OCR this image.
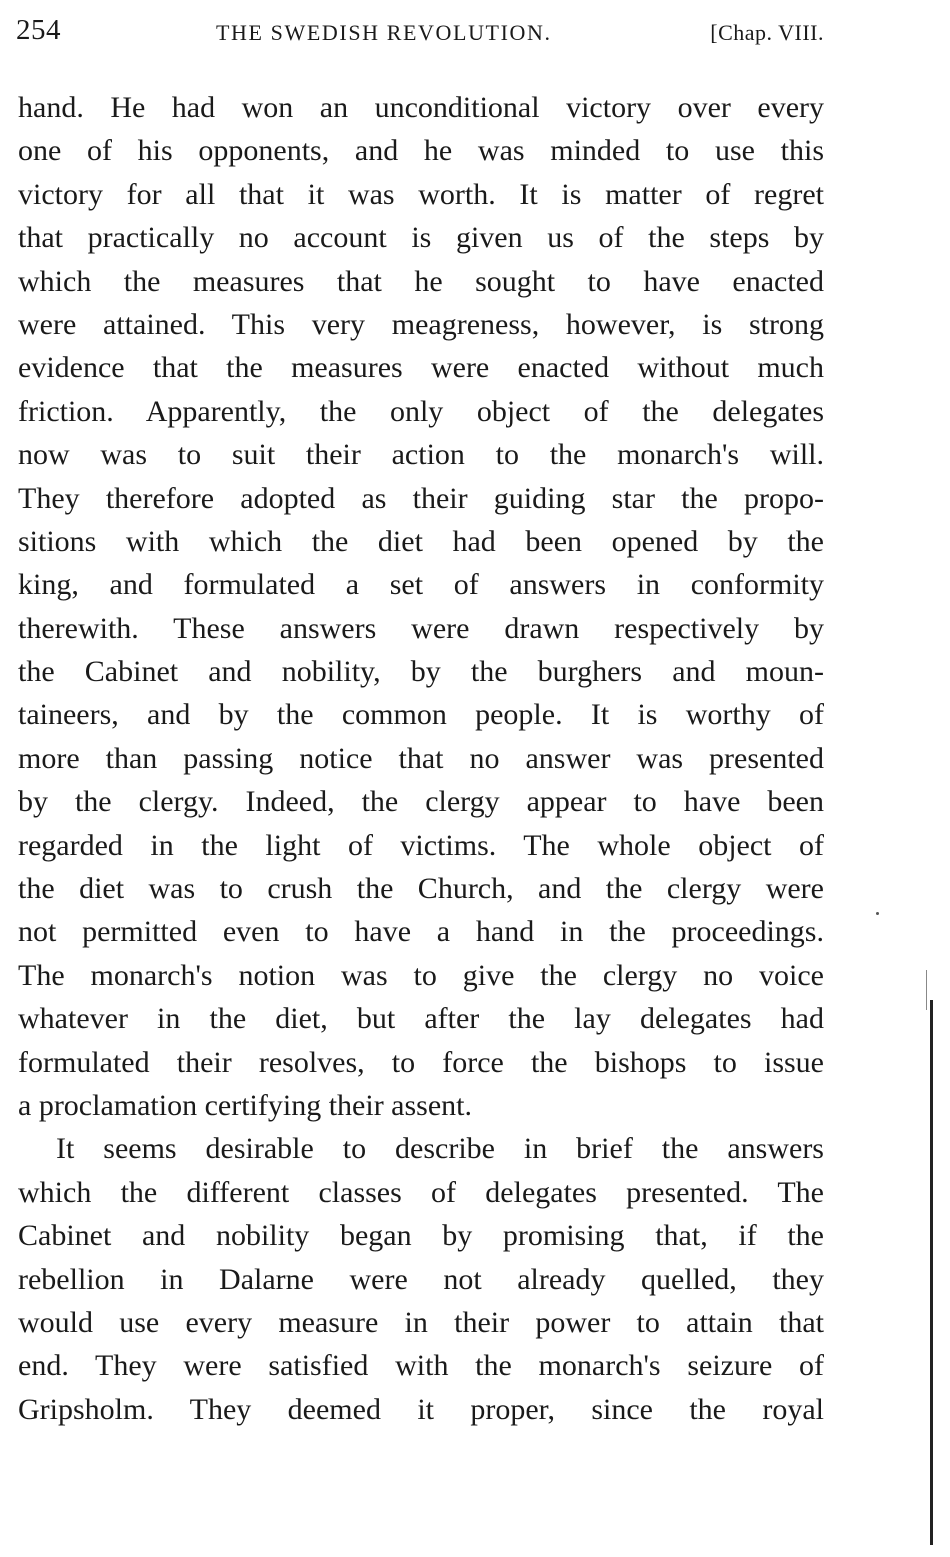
254	THE SWEDISH REVOLUTION.	[Chap. VIII.
hand. He had won an unconditional victory over every
one of his opponents, and he was minded to use this
victory for all that it was worth. It is matter of regret
that practically no account is given us of the steps by
which the measures that he sought to have enacted
were attained. This very meagreness, however, is strong
evidence that the measures were enacted without much
friction. Apparently, the only object of the delegates
now was to suit their action to the monarch's will.
They therefore adopted as their guiding star the propo-
sitions with which the diet had been opened by the
king, and formulated a set of answers in conformity
therewith. These answers were drawn respectively by
the Cabinet and nobility, by the burghers and moun-
taineers, and by the common people. It is worthy of
more than passing notice that no answer was presented
by the clergy. Indeed, the clergy appear to have been
regarded in the light of victims. The whole object of
the diet was to crush the Church, and the clergy were
not permitted even to have a hand in the proceedings.
The monarch's notion was to give the clergy no voice
whatever in the diet, but after the lay delegates had
formulated their resolves, to force the bishops to issue
a proclamation certifying their assent.
It seems desirable to describe in brief the answers
which the different classes of delegates presented. The
Cabinet and nobility began by promising that, if the
rebellion in Dalarne were not already quelled, they
would use every measure in their power to attain that
end. They were satisfied with the monarch's seizure of
Gripsholm. They deemed it proper, since the royal
